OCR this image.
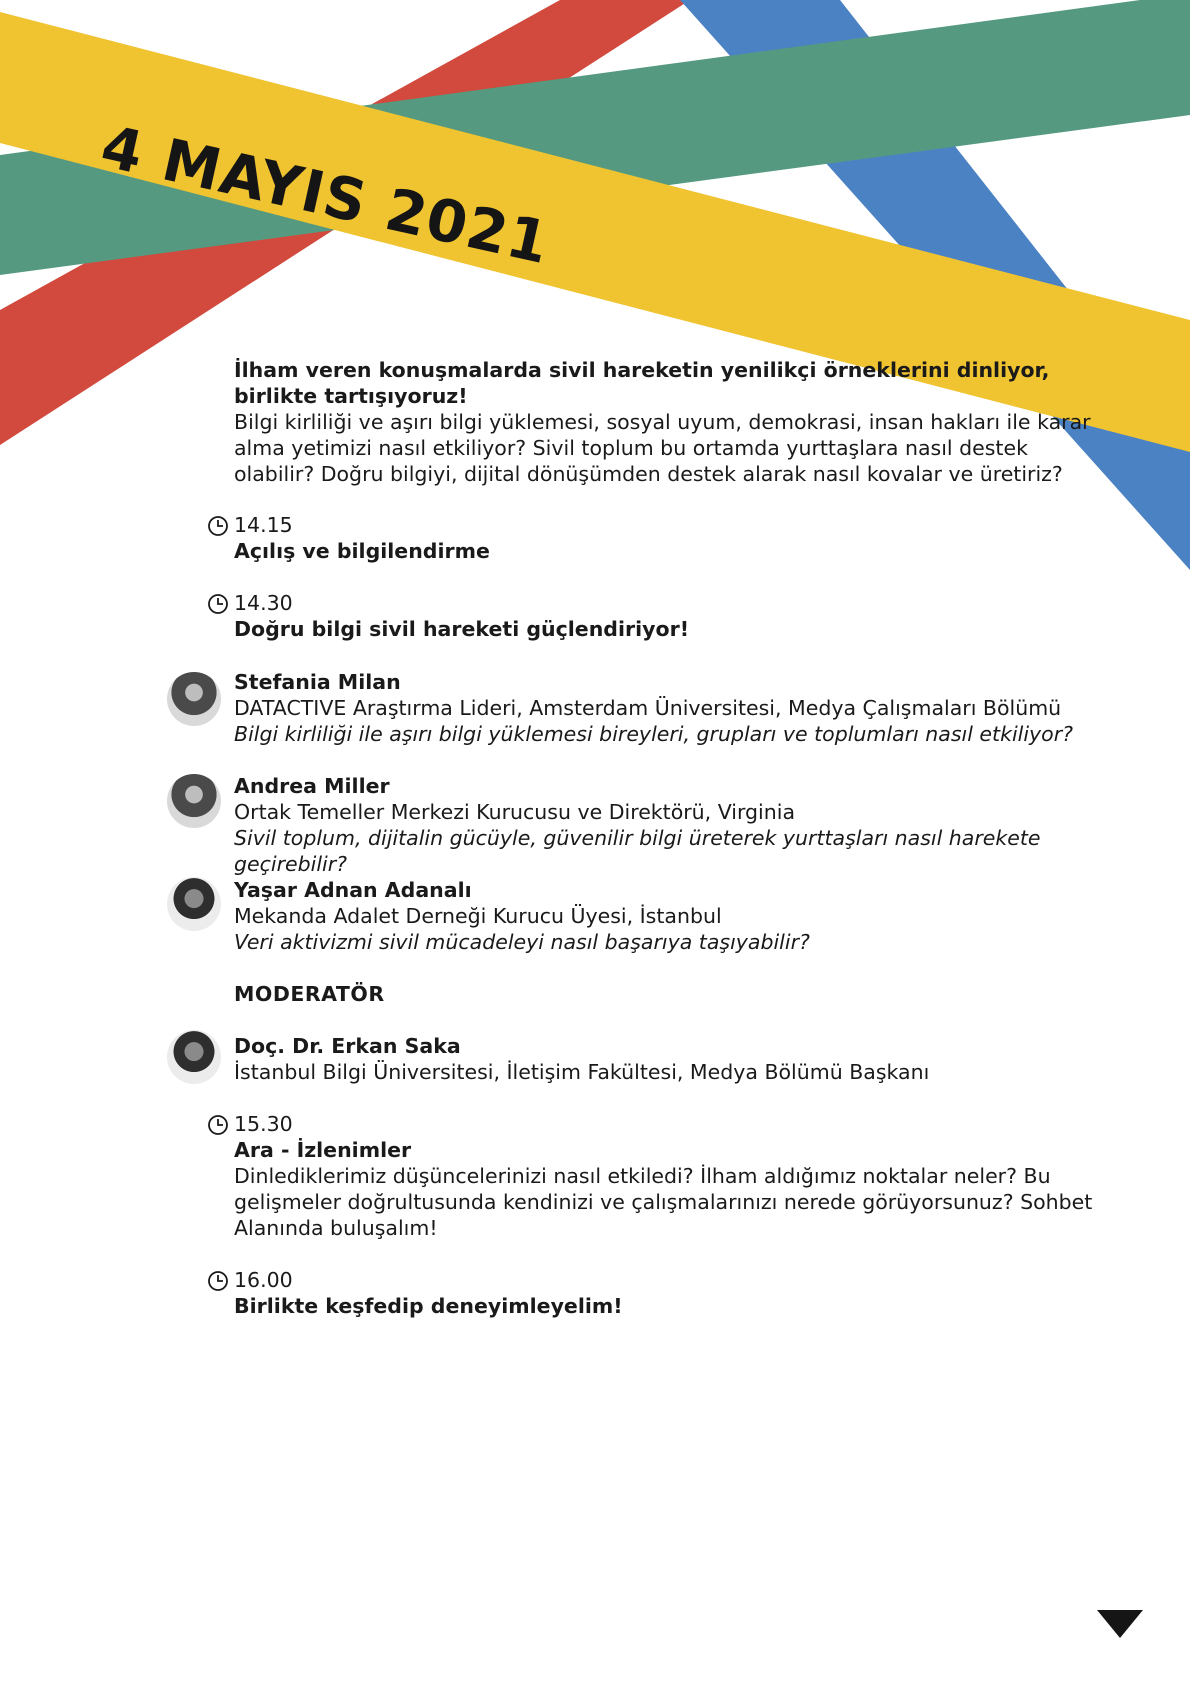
4 MAYIS 2021
İlham veren konuşmalarda sivil hareketin yenilikçi örneklerini dinliyor, birlikte tartışıyoruz!
Bilgi kirliliği ve aşırı bilgi yüklemesi, sosyal uyum, demokrasi, insan hakları ile karar alma yetimizi nasıl etkiliyor? Sivil toplum bu ortamda yurttaşlara nasıl destek olabilir? Doğru bilgiyi, dijital dönüşümden destek alarak nasıl kovalar ve üretiriz?
14.15
Açılış ve bilgilendirme
14.30
Doğru bilgi sivil hareketi güçlendiriyor!
Stefania Milan
DATACTIVE Araştırma Lideri, Amsterdam Üniversitesi, Medya Çalışmaları Bölümü
Bilgi kirliliği ile aşırı bilgi yüklemesi bireyleri, grupları ve toplumları nasıl etkiliyor?
Andrea Miller
Ortak Temeller Merkezi Kurucusu ve Direktörü, Virginia
Sivil toplum, dijitalin gücüyle, güvenilir bilgi üreterek yurttaşları nasıl harekete geçirebilir?
Yaşar Adnan Adanalı
Mekanda Adalet Derneği Kurucu Üyesi, İstanbul
Veri aktivizmi sivil mücadeleyi nasıl başarıya taşıyabilir?
MODERATÖR
Doç. Dr. Erkan Saka
İstanbul Bilgi Üniversitesi, İletişim Fakültesi, Medya Bölümü Başkanı
15.30
Ara - İzlenimler
Dinlediklerimiz düşüncelerinizi nasıl etkiledi? İlham aldığımız noktalar neler? Bu gelişmeler doğrultusunda kendinizi ve çalışmalarınızı nerede görüyorsunuz? Sohbet Alanında buluşalım!
16.00
Birlikte keşfedip deneyimleyelim!
